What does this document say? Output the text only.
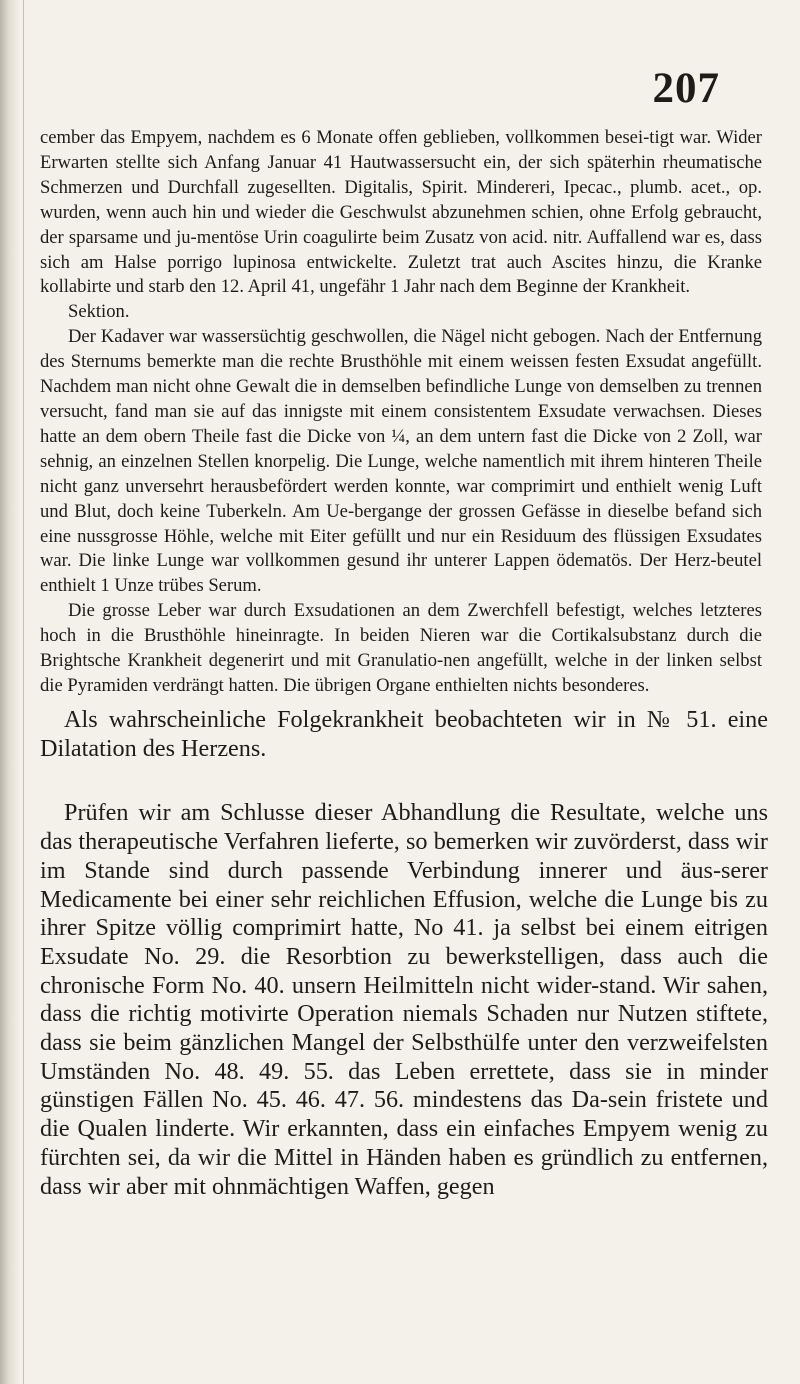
207

cember das Empyem, nachdem es 6 Monate offen geblieben, vollkommen besei-tigt war. Wider Erwarten stellte sich Anfang Januar 41 Hautwassersucht ein, der sich späterhin rheumatische Schmerzen und Durchfall zugesellten. Digitalis, Spirit. Mindereri, Ipecac., plumb. acet., op. wurden, wenn auch hin und wieder die Geschwulst abzunehmen schien, ohne Erfolg gebraucht, der sparsame und ju-mentöse Urin coagulirte beim Zusatz von acid. nitr. Auffallend war es, dass sich am Halse porrigo lupinosa entwickelte. Zuletzt trat auch Ascites hinzu, die Kranke kollabirte und starb den 12. April 41, ungefähr 1 Jahr nach dem Beginne der Krankheit.

Sektion.

Der Kadaver war wassersüchtig geschwollen, die Nägel nicht gebogen. Nach der Entfernung des Sternums bemerkte man die rechte Brusthöhle mit einem weissen festen Exsudat angefüllt. Nachdem man nicht ohne Gewalt die in demselben befindliche Lunge von demselben zu trennen versucht, fand man sie auf das innigste mit einem consistentem Exsudate verwachsen. Dieses hatte an dem obern Theile fast die Dicke von ¼, an dem untern fast die Dicke von 2 Zoll, war sehnig, an einzelnen Stellen knorpelig. Die Lunge, welche namentlich mit ihrem hinteren Theile nicht ganz unversehrt herausbefördert werden konnte, war comprimirt und enthielt wenig Luft und Blut, doch keine Tuberkeln. Am Ue-bergange der grossen Gefässe in dieselbe befand sich eine nussgrosse Höhle, welche mit Eiter gefüllt und nur ein Residuum des flüssigen Exsudates war. Die linke Lunge war vollkommen gesund ihr unterer Lappen ödematös. Der Herz-beutel enthielt 1 Unze trübes Serum.

Die grosse Leber war durch Exsudationen an dem Zwerchfell befestigt, welches letzteres hoch in die Brusthöhle hineinragte. In beiden Nieren war die Cortikalsubstanz durch die Brightsche Krankheit degenerirt und mit Granulatio-nen angefüllt, welche in der linken selbst die Pyramiden verdrängt hatten. Die übrigen Organe enthielten nichts besonderes.

Als wahrscheinliche Folgekrankheit beobachteten wir in № 51. eine Dilatation des Herzens.

Prüfen wir am Schlusse dieser Abhandlung die Resultate, welche uns das therapeutische Verfahren lieferte, so bemerken wir zuvörderst, dass wir im Stande sind durch passende Verbindung innerer und äus-serer Medicamente bei einer sehr reichlichen Effusion, welche die Lunge bis zu ihrer Spitze völlig comprimirt hatte, No 41. ja selbst bei einem eitrigen Exsudate No. 29. die Resorbtion zu bewerkstelligen, dass auch die chronische Form No. 40. unsern Heilmitteln nicht wider-stand. Wir sahen, dass die richtig motivirte Operation niemals Schaden nur Nutzen stiftete, dass sie beim gänzlichen Mangel der Selbsthülfe unter den verzweifelsten Umständen No. 48. 49. 55. das Leben errettete, dass sie in minder günstigen Fällen No. 45. 46. 47. 56. mindestens das Da-sein fristete und die Qualen linderte. Wir erkannten, dass ein einfaches Empyem wenig zu fürchten sei, da wir die Mittel in Händen haben es gründlich zu entfernen, dass wir aber mit ohnmächtigen Waffen, gegen
